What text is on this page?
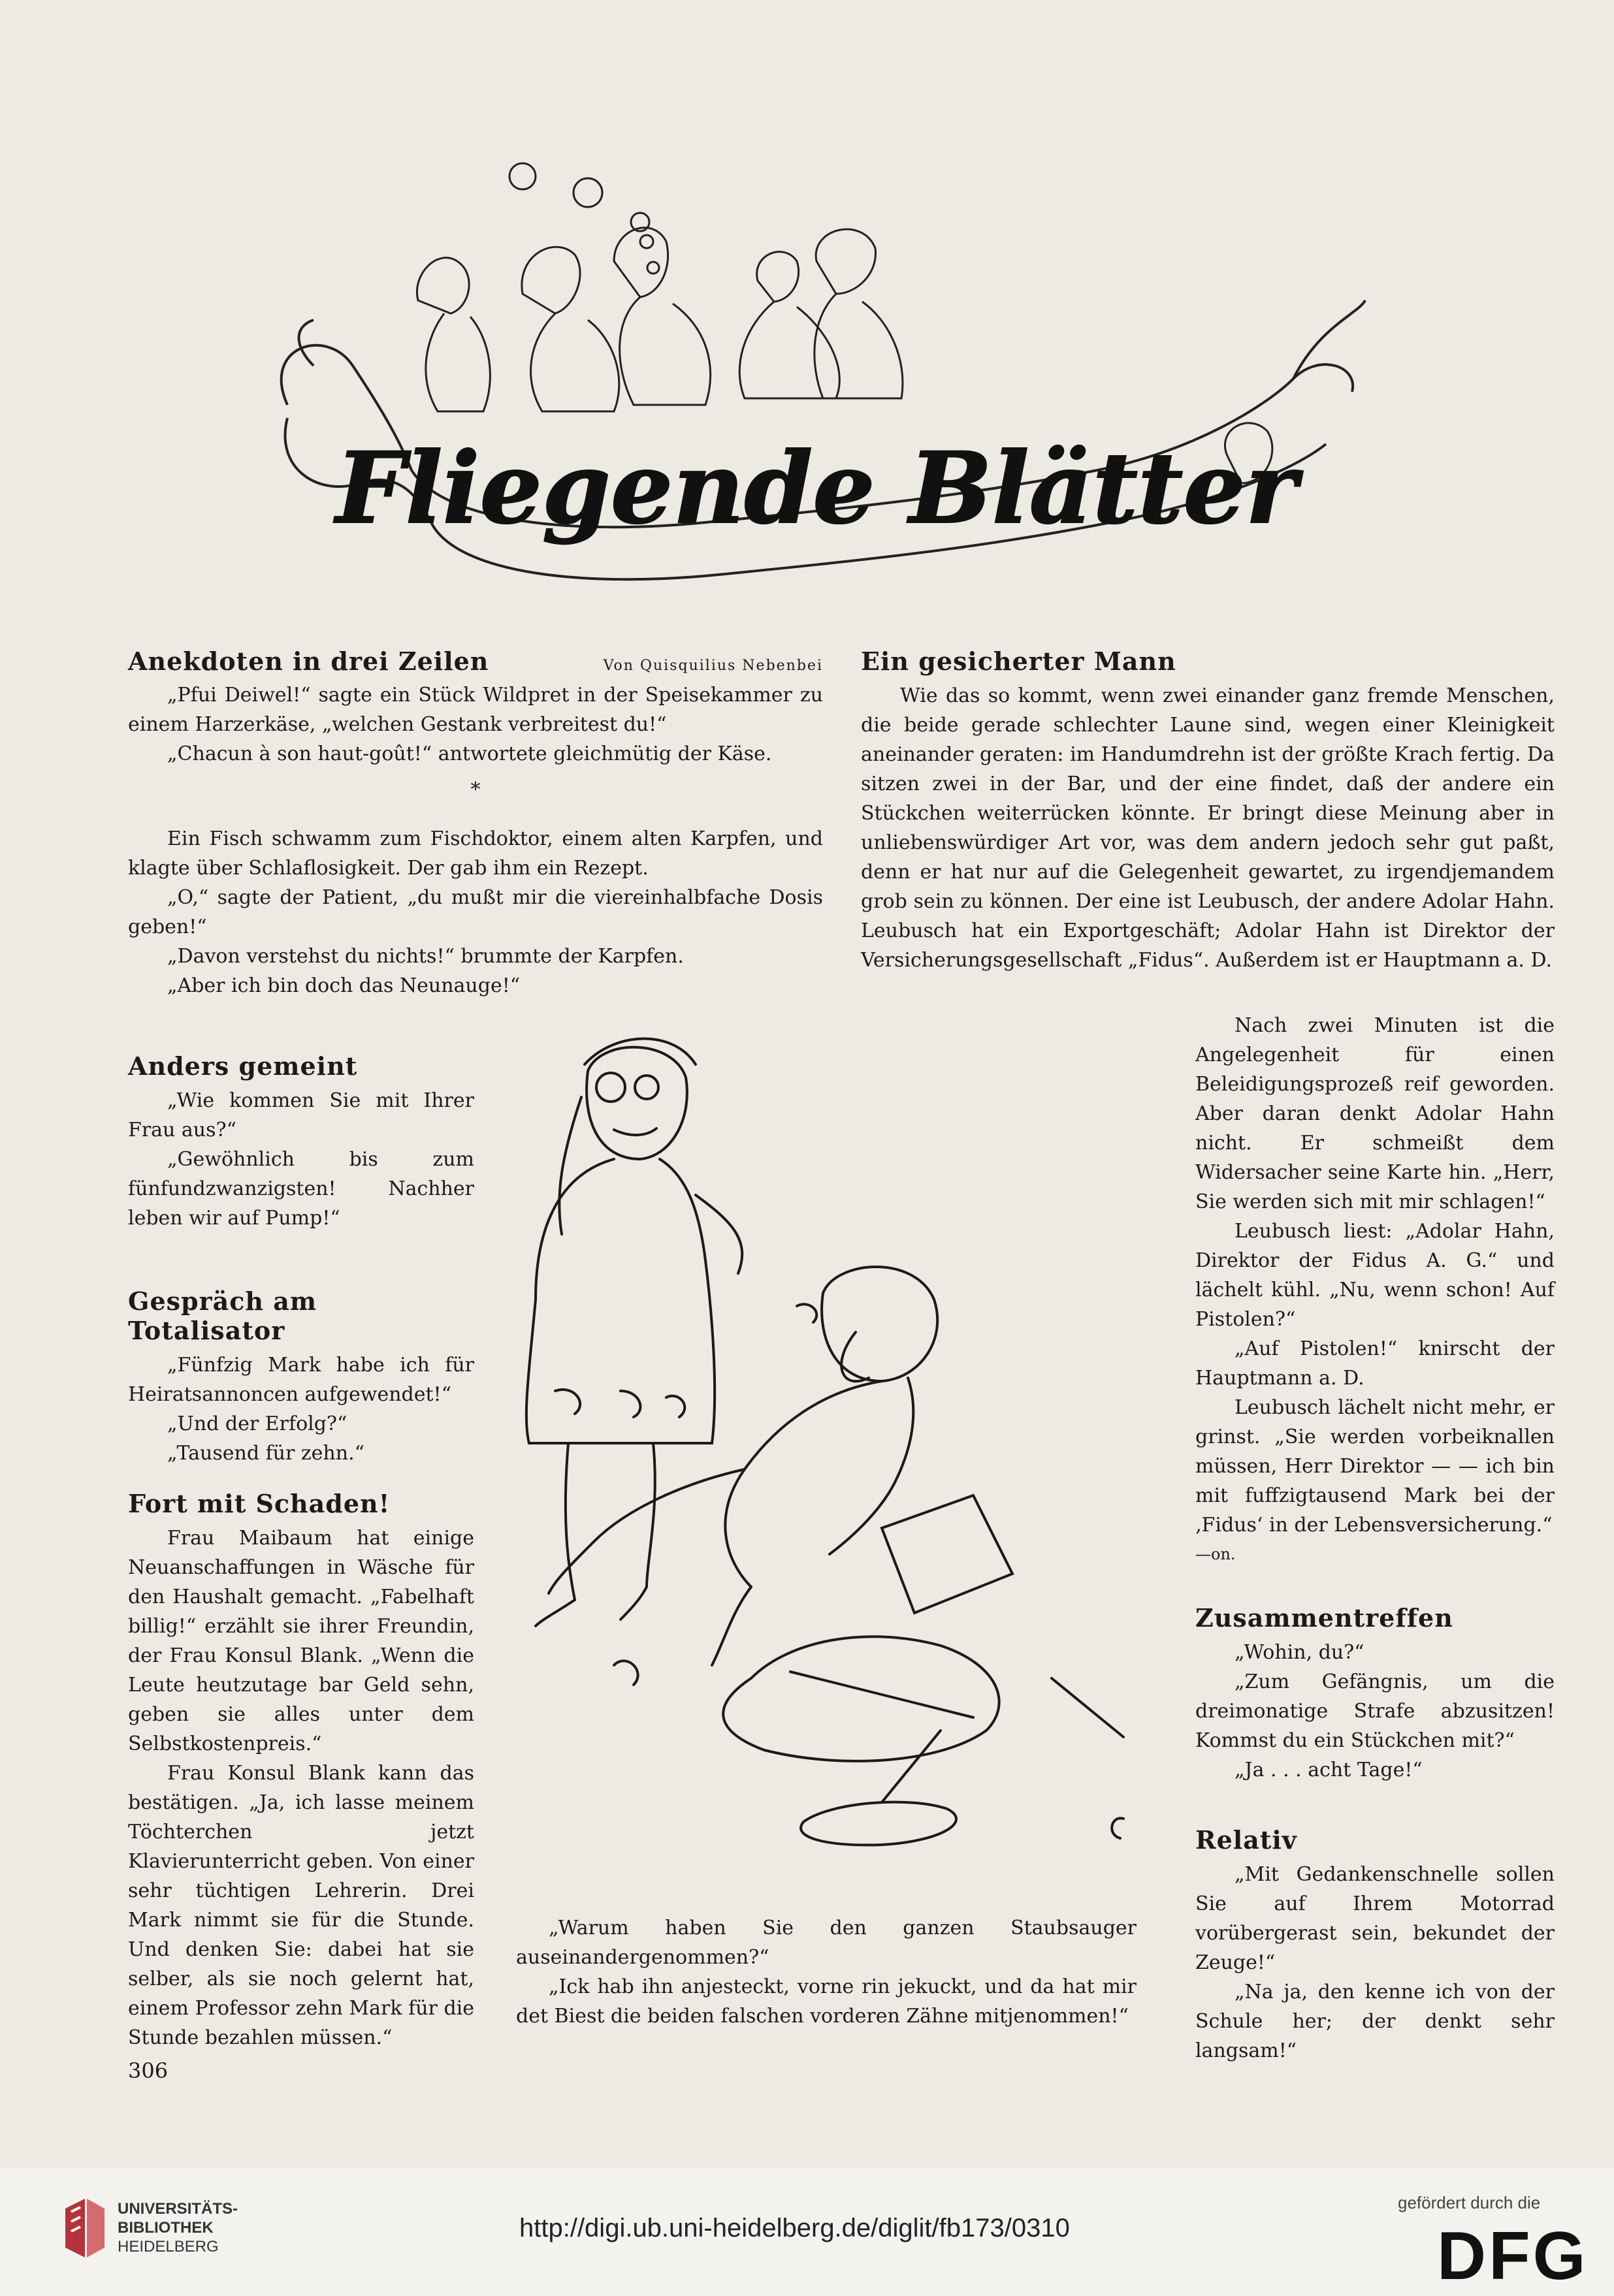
Fliegende Blätter
Anekdoten in drei Zeilen	Von Quisquilius Nebenbei

„Pfui Deiwel!“ sagte ein Stück Wildpret in der Speisekammer zu einem Harzerkäse, „welchen Gestank verbreitest du!“

„Chacun à son haut-goût!“ antwortete gleichmütig der Käse.

*

Ein Fisch schwamm zum Fischdoktor, einem alten Karpfen, und klagte über Schlaflosigkeit. Der gab ihm ein Rezept.

„O,“ sagte der Patient, „du mußt mir die viereinhalbfache Dosis geben!“

„Davon verstehst du nichts!“ brummte der Karpfen.

„Aber ich bin doch das Neunauge!“

Anders gemeint

„Wie kommen Sie mit Ihrer Frau aus?“

„Gewöhnlich bis zum fünfundzwanzigsten! Nachher leben wir auf Pump!“

Gespräch am Totalisator

„Fünfzig Mark habe ich für Heiratsannoncen aufgewendet!“

„Und der Erfolg?“

„Tausend für zehn.“

Fort mit Schaden!

Frau Maibaum hat einige Neuanschaffungen in Wäsche für den Haushalt gemacht. „Fabelhaft billig!“ erzählt sie ihrer Freundin, der Frau Konsul Blank. „Wenn die Leute heutzutage bar Geld sehn, geben sie alles unter dem Selbstkostenpreis.“

Frau Konsul Blank kann das bestätigen. „Ja, ich lasse meinem Töchterchen jetzt Klavierunterricht geben. Von einer sehr tüchtigen Lehrerin. Drei Mark nimmt sie für die Stunde. Und denken Sie: dabei hat sie selber, als sie noch gelernt hat, einem Professor zehn Mark für die Stunde bezahlen müssen.“

306
Ein gesicherter Mann

Wie das so kommt, wenn zwei einander ganz fremde Menschen, die beide gerade schlechter Laune sind, wegen einer Kleinigkeit aneinander geraten: im Handumdrehn ist der größte Krach fertig. Da sitzen zwei in der Bar, und der eine findet, daß der andere ein Stückchen weiterrücken könnte. Er bringt diese Meinung aber in unliebenswürdiger Art vor, was dem andern jedoch sehr gut paßt, denn er hat nur auf die Gelegenheit gewartet, zu irgendjemandem grob sein zu können. Der eine ist Leubusch, der andere Adolar Hahn. Leubusch hat ein Exportgeschäft; Adolar Hahn ist Direktor der Versicherungsgesellschaft „Fidus“. Außerdem ist er Hauptmann a. D.

Nach zwei Minuten ist die Angelegenheit für einen Beleidigungsprozeß reif geworden. Aber daran denkt Adolar Hahn nicht. Er schmeißt dem Widersacher seine Karte hin. „Herr, Sie werden sich mit mir schlagen!“

Leubusch liest: „Adolar Hahn, Direktor der Fidus A. G.“ und lächelt kühl. „Nu, wenn schon! Auf Pistolen?“

„Auf Pistolen!“ knirscht der Hauptmann a. D.

Leubusch lächelt nicht mehr, er grinst. „Sie werden vorbeiknallen müssen, Herr Direktor — — ich bin mit fuffzigtausend Mark bei der ‚Fidus‘ in der Lebensversicherung.“

—on.

Zusammentreffen

„Wohin, du?“

„Zum Gefängnis, um die dreimonatige Strafe abzusitzen! Kommst du ein Stückchen mit?“

„Ja . . . acht Tage!“

Relativ

„Mit Gedankenschnelle sollen Sie auf Ihrem Motorrad vorübergerast sein, bekundet der Zeuge!“

„Na ja, den kenne ich von der Schule her; der denkt sehr langsam!“

„Warum haben Sie den ganzen Staubsauger auseinandergenommen?“

„Ick hab ihn anjesteckt, vorne rin jekuckt, und da hat mir det Biest die beiden falschen vorderen Zähne mitjenommen!“

UNIVERSITÄTS-
BIBLIOTHEK
HEIDELBERG
http://digi.ub.uni-heidelberg.de/diglit/fb173/0310
gefördert durch die
DFG
